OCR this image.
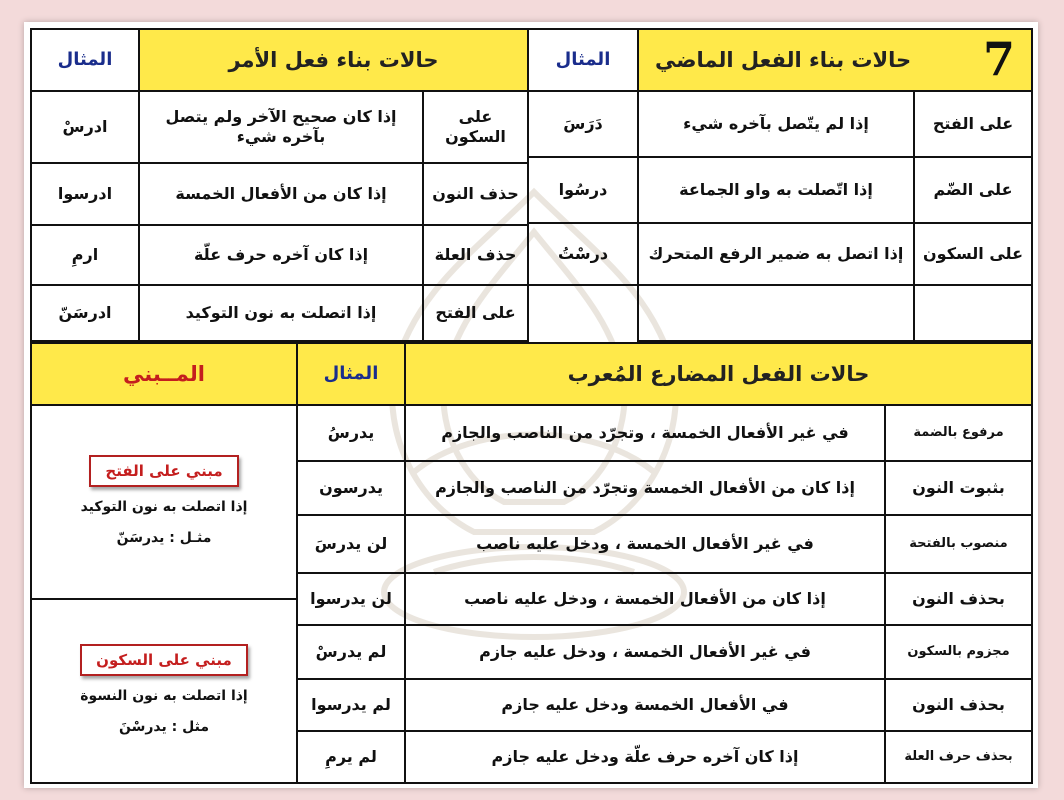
7
حالات بناء الفعل الماضي
المثال
على الفتح
إذا لم يتّصل بآخره شيء
دَرَسَ
على الضّم
إذا اتّصلت به واو الجماعة
درسُوا
على السكون
إذا اتصل به ضمير الرفع المتحرك
درسْتُ
حالات بناء فعل الأمر
المثال
على السكون
إذا كان صحيح الآخر ولم يتصل بآخره شيء
ادرسْ
حذف النون
إذا كان من الأفعال الخمسة
ادرسوا
حذف العلة
إذا كان آخره حرف علّة
ارمِ
على الفتح
إذا اتصلت به نون التوكيد
ادرسَنّ
حالات الفعل المضارع المُعرب
المثال
مرفوع بالضمة
في غير الأفعال الخمسة ، وتجرّد من الناصب والجازم
يدرسُ
بثبوت النون
إذا كان من الأفعال الخمسة وتجرّد من الناصب والجازم
يدرسون
منصوب بالفتحة
في غير الأفعال الخمسة ، ودخل عليه ناصب
لن يدرسَ
بحذف النون
إذا كان من الأفعال الخمسة ، ودخل عليه ناصب
لن يدرسوا
مجزوم بالسكون
في غير الأفعال الخمسة ، ودخل عليه جازم
لم يدرسْ
بحذف النون
في الأفعال الخمسة ودخل عليه جازم
لم يدرسوا
بحذف حرف العلة
إذا كان آخره حرف علّة ودخل عليه جازم
لم يرمِ
المــبني
مبني على الفتح
إذا اتصلت به نون التوكيد
مثـل : يدرسَنّ
مبني على السكون
إذا اتصلت به نون النسوة
مثل : يدرسْنَ
